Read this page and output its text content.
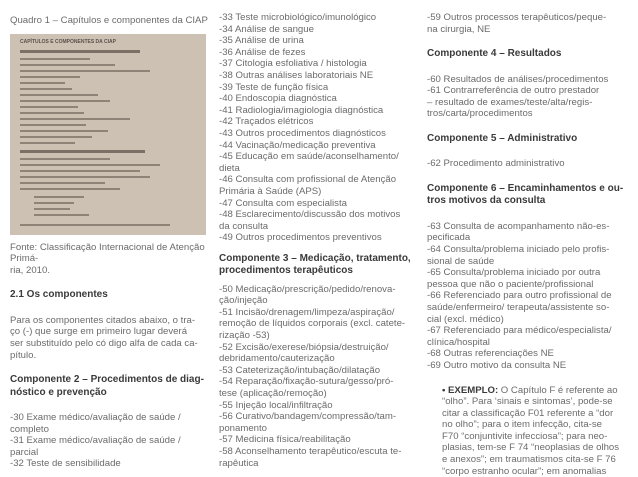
Quadro 1 – Capítulos e componentes da CIAP
CAPÍTULOS E COMPONENTES DA CIAP
Fonte: Classificação Internacional de Atenção Primá-
ria, 2010.
2.1 Os componentes
Para os componentes citados abaixo, o tra-
ço (-) que surge em primeiro lugar deverá
ser substituído pelo có digo alfa de cada ca-
pítulo.
Componente 2 – Procedimentos de diag-
nóstico e prevenção
-30 Exame médico/avaliação de saúde /
completo
-31 Exame médico/avaliação de saúde /
parcial
-32 Teste de sensibilidade
-33 Teste microbiológico/imunológico
-34 Análise de sangue
-35 Análise de urina
-36 Análise de fezes
-37 Citologia esfoliativa / histologia
-38 Outras análises laboratoriais NE
-39 Teste de função física
-40 Endoscopia diagnóstica
-41 Radiologia/imagiologia diagnóstica
-42 Traçados elétricos
-43 Outros procedimentos diagnósticos
-44 Vacinação/medicação preventiva
-45 Educação em saúde/aconselhamento/
dieta
-46 Consulta com profissional de Atenção
Primária à Saúde (APS)
-47 Consulta com especialista
-48 Esclarecimento/discussão dos motivos
da consulta
-49 Outros procedimentos preventivos
Componente 3 – Medicação, tratamento,
procedimentos terapêuticos
-50 Medicação/prescrição/pedido/renova-
ção/injeção
-51 Incisão/drenagem/limpeza/aspiração/
remoção de líquidos corporais (excl. catete-
rização -53)
-52 Excisão/exerese/biópsia/destruição/
debridamento/cauterização
-53 Cateterização/intubação/dilatação
-54 Reparação/fixação-sutura/gesso/pró-
tese (aplicação/remoção)
-55 Injeção local/infiltração
-56 Curativo/bandagem/compressão/tam-
ponamento
-57 Medicina física/reabilitação
-58 Aconselhamento terapêutico/escuta te-
rapêutica
-59 Outros processos terapêuticos/peque-
na cirurgia, NE
Componente 4 – Resultados
-60 Resultados de análises/procedimentos
-61 Contrarreferência de outro prestador
– resultado de exames/teste/alta/regis-
tros/carta/procedimentos
Componente 5 – Administrativo
-62 Procedimento administrativo
Componente 6 – Encaminhamentos e ou-
tros motivos da consulta
-63 Consulta de acompanhamento não-es-
pecificada
-64 Consulta/problema iniciado pelo profis-
sional de saúde
-65 Consulta/problema iniciado por outra
pessoa que não o paciente/profissional
-66 Referenciado para outro profissional de
saúde/enfermeiro/ terapeuta/assistente so-
cial (excl. médico)
-67 Referenciado para médico/especialista/
clínica/hospital
-68 Outras referenciações NE
-69 Outro motivo da consulta NE
• EXEMPLO: O Capítulo F é referente ao
“olho”. Para ‘sinais e sintomas’, pode-se
citar a classificação F01 referente a “dor
no olho”; para o item infecção, cita-se
F70 “conjuntivite infecciosa”; para neo-
plasias, tem-se F 74 “neoplasias de olhos
e anexos”; em traumatismos cita-se F 76
“corpo estranho ocular”; em anomalias
